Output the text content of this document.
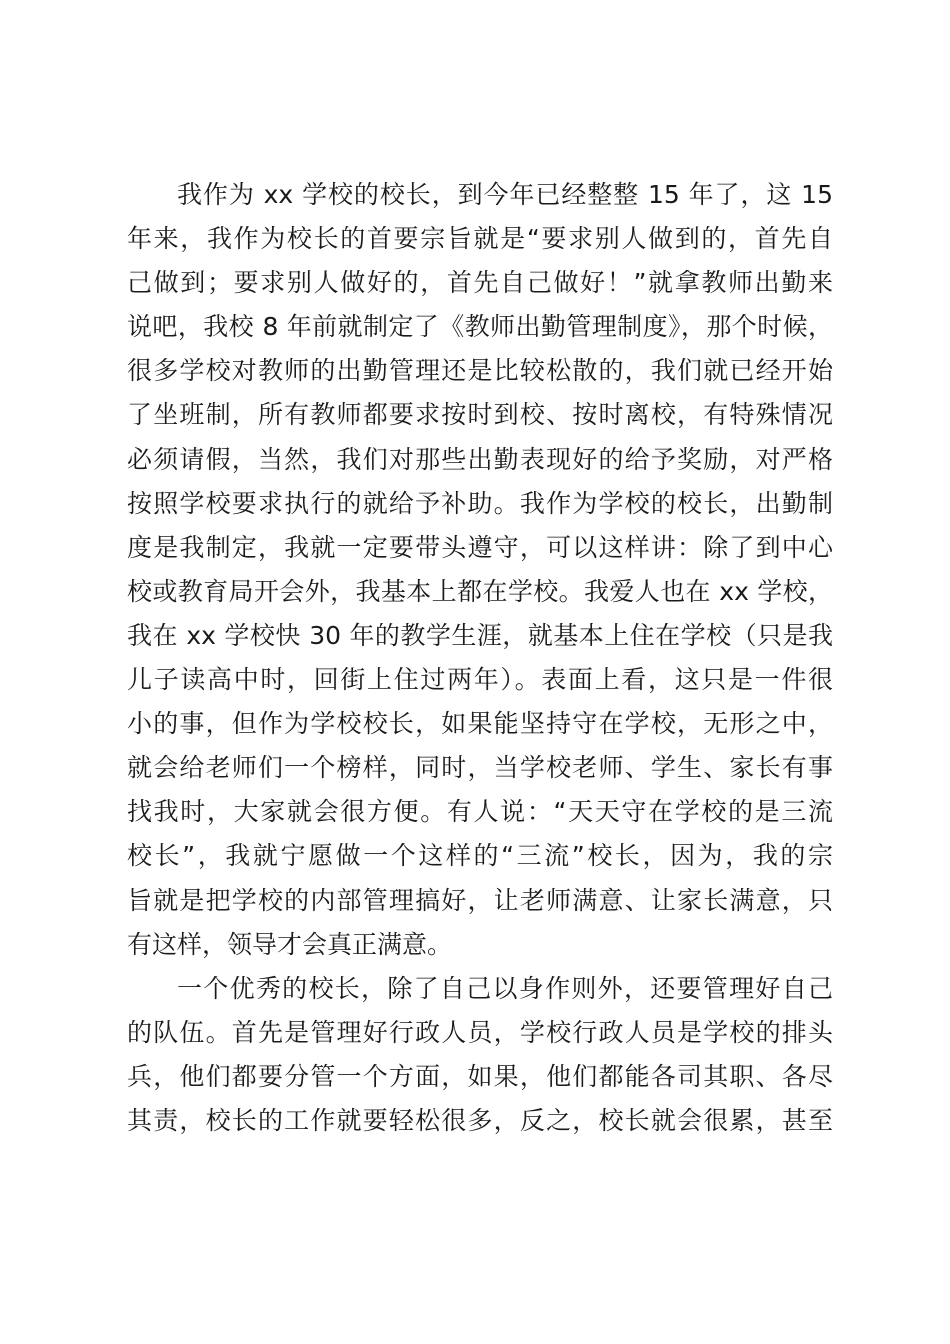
我作为 xx 学校的校长，到今年已经整整 15 年了，这 15
年来，我作为校长的首要宗旨就是“要求别人做到的，首先自
己做到；要求别人做好的，首先自己做好！”就拿教师出勤来
说吧，我校 8 年前就制定了《教师出勤管理制度》，那个时候，
很多学校对教师的出勤管理还是比较松散的，我们就已经开始
了坐班制，所有教师都要求按时到校、按时离校，有特殊情况
必须请假，当然，我们对那些出勤表现好的给予奖励，对严格
按照学校要求执行的就给予补助。我作为学校的校长，出勤制
度是我制定，我就一定要带头遵守，可以这样讲：除了到中心
校或教育局开会外，我基本上都在学校。我爱人也在 xx 学校，
我在 xx 学校快 30 年的教学生涯，就基本上住在学校（只是我
儿子读高中时，回街上住过两年）。表面上看，这只是一件很
小的事，但作为学校校长，如果能坚持守在学校，无形之中，
就会给老师们一个榜样，同时，当学校老师、学生、家长有事
找我时，大家就会很方便。有人说：“天天守在学校的是三流
校长”，我就宁愿做一个这样的“三流”校长，因为，我的宗
旨就是把学校的内部管理搞好，让老师满意、让家长满意，只
有这样，领导才会真正满意。
一个优秀的校长，除了自己以身作则外，还要管理好自己
的队伍。首先是管理好行政人员，学校行政人员是学校的排头
兵，他们都要分管一个方面，如果，他们都能各司其职、各尽
其责，校长的工作就要轻松很多，反之，校长就会很累，甚至
